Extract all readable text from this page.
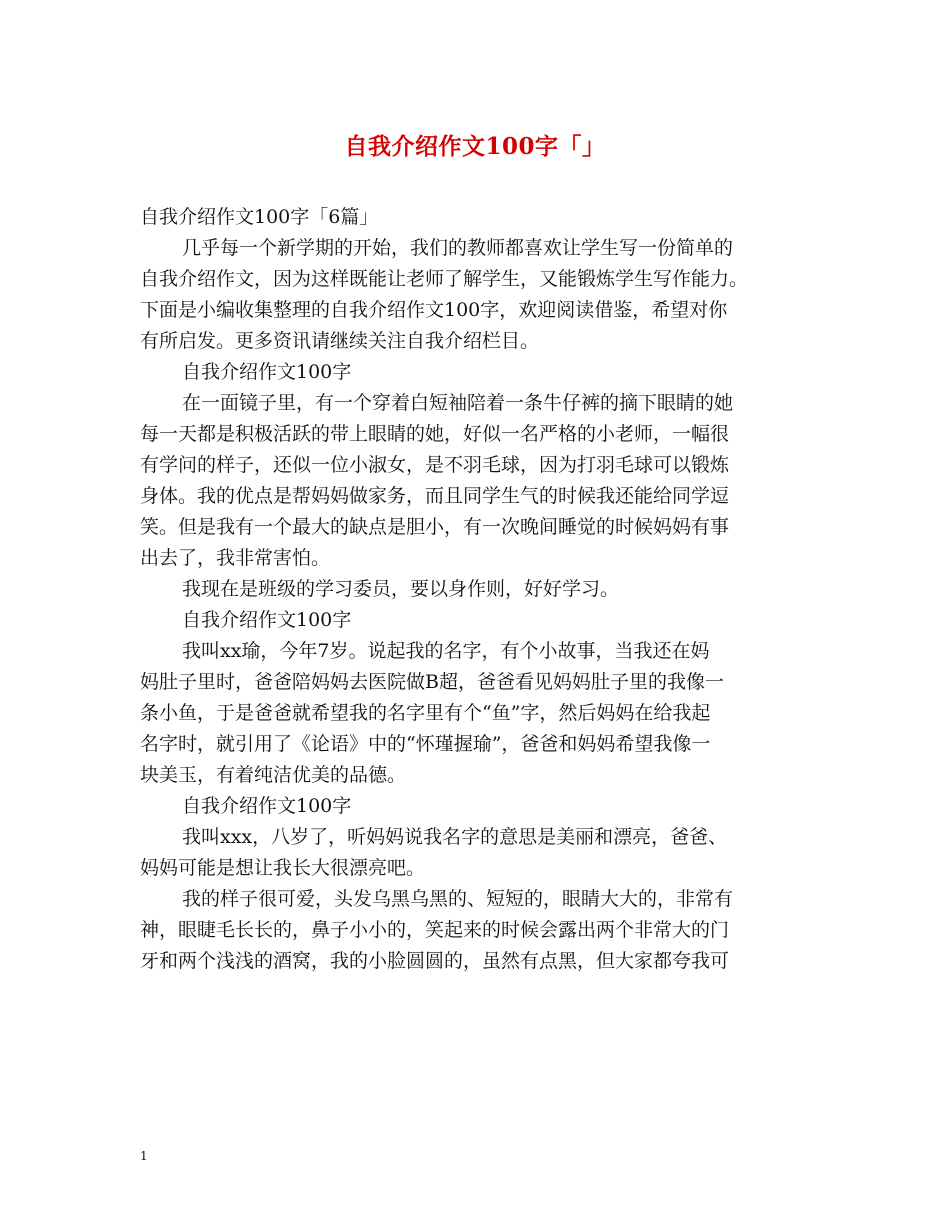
自我介绍作文100字「」
自我介绍作文100字「6篇」
几乎每一个新学期的开始，我们的教师都喜欢让学生写一份简单的
自我介绍作文，因为这样既能让老师了解学生，又能锻炼学生写作能力。
下面是小编收集整理的自我介绍作文100字，欢迎阅读借鉴，希望对你
有所启发。更多资讯请继续关注自我介绍栏目。
自我介绍作文100字
在一面镜子里，有一个穿着白短袖陪着一条牛仔裤的摘下眼睛的她
每一天都是积极活跃的带上眼睛的她，好似一名严格的小老师，一幅很
有学问的样子，还似一位小淑女，是不羽毛球，因为打羽毛球可以锻炼
身体。我的优点是帮妈妈做家务，而且同学生气的时候我还能给同学逗
笑。但是我有一个最大的缺点是胆小，有一次晚间睡觉的时候妈妈有事
出去了，我非常害怕。
我现在是班级的学习委员，要以身作则，好好学习。
自我介绍作文100字
我叫xx瑜，今年7岁。说起我的名字，有个小故事，当我还在妈
妈肚子里时，爸爸陪妈妈去医院做B超，爸爸看见妈妈肚子里的我像一
条小鱼，于是爸爸就希望我的名字里有个“鱼”字，然后妈妈在给我起
名字时，就引用了《论语》中的“怀瑾握瑜”，爸爸和妈妈希望我像一
块美玉，有着纯洁优美的品德。
自我介绍作文100字
我叫xxx，八岁了，听妈妈说我名字的意思是美丽和漂亮，爸爸、
妈妈可能是想让我长大很漂亮吧。
我的样子很可爱，头发乌黑乌黑的、短短的，眼睛大大的，非常有
神，眼睫毛长长的，鼻子小小的，笑起来的时候会露出两个非常大的门
牙和两个浅浅的酒窝，我的小脸圆圆的，虽然有点黑，但大家都夸我可
1
